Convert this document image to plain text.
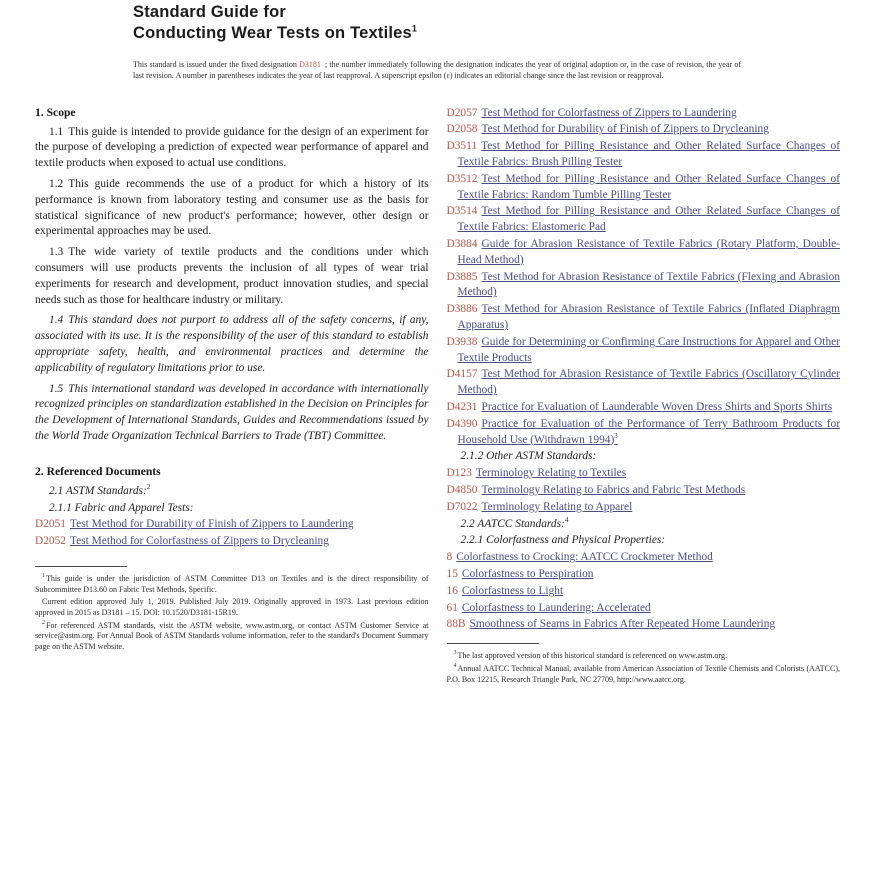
Standard Guide for
Conducting Wear Tests on Textiles$^1$

This standard is issued under the fixed designation D3181 ; the number immediately following the designation indicates the year of original adoption or, in the case of revision, the year of last revision. A number in parentheses indicates the year of last reapproval. A superscript epsilon (ε) indicates an editorial change since the last revision or reapproval.

1. Scope

1.1 This guide is intended to provide guidance for the design of an experiment for the purpose of developing a prediction of expected wear performance of apparel and textile products when exposed to actual use conditions.

1.2 This guide recommends the use of a product for which a history of its performance is known from laboratory testing and consumer use as the basis for statistical significance of new product's performance; however, other design or experimental approaches may be used.

1.3 The wide variety of textile products and the conditions under which consumers will use products prevents the inclusion of all types of wear trial experiments for research and development, product innovation studies, and special needs such as those for healthcare industry or military.

1.4 This standard does not purport to address all of the safety concerns, if any, associated with its use. It is the responsibility of the user of this standard to establish appropriate safety, health, and environmental practices and determine the applicability of regulatory limitations prior to use.

1.5 This international standard was developed in accordance with internationally recognized principles on standardization established in the Decision on Principles for the Development of International Standards, Guides and Recommendations issued by the World Trade Organization Technical Barriers to Trade (TBT) Committee.

2. Referenced Documents

2.1 ASTM Standards:$^2$

2.1.1 Fabric and Apparel Tests:

D2051 Test Method for Durability of Finish of Zippers to Laundering

D2052 Test Method for Colorfastness of Zippers to Drycleaning

$^1$This guide is under the jurisdiction of ASTM Committee D13 on Textiles and is the direct responsibility of Subcommittee D13.60 on Fabric Test Methods, Specific.

Current edition approved July 1, 2019. Published July 2019. Originally approved in 1973. Last previous edition approved in 2015 as D3181 – 15. DOI: 10.1520/D3181-15R19.

$^2$For referenced ASTM standards, visit the ASTM website, www.astm.org, or contact ASTM Customer Service at service@astm.org. For Annual Book of ASTM Standards volume information, refer to the standard's Document Summary page on the ASTM website.

D2057 Test Method for Colorfastness of Zippers to Laundering

D2058 Test Method for Durability of Finish of Zippers to Drycleaning

D3511 Test Method for Pilling Resistance and Other Related Surface Changes of Textile Fabrics: Brush Pilling Tester

D3512 Test Method for Pilling Resistance and Other Related Surface Changes of Textile Fabrics: Random Tumble Pilling Tester

D3514 Test Method for Pilling Resistance and Other Related Surface Changes of Textile Fabrics: Elastomeric Pad

D3884 Guide for Abrasion Resistance of Textile Fabrics (Rotary Platform, Double-Head Method)

D3885 Test Method for Abrasion Resistance of Textile Fabrics (Flexing and Abrasion Method)

D3886 Test Method for Abrasion Resistance of Textile Fabrics (Inflated Diaphragm Apparatus)

D3938 Guide for Determining or Confirming Care Instructions for Apparel and Other Textile Products

D4157 Test Method for Abrasion Resistance of Textile Fabrics (Oscillatory Cylinder Method)

D4231 Practice for Evaluation of Launderable Woven Dress Shirts and Sports Shirts

D4390 Practice for Evaluation of the Performance of Terry Bathroom Products for Household Use (Withdrawn 1994)$^3$

2.1.2 Other ASTM Standards:

D123 Terminology Relating to Textiles

D4850 Terminology Relating to Fabrics and Fabric Test Methods

D7022 Terminology Relating to Apparel

2.2 AATCC Standards:$^4$

2.2.1 Colorfastness and Physical Properties:

8 Colorfastness to Crocking: AATCC Crockmeter Method

15 Colorfastness to Perspiration

16 Colorfastness to Light

61 Colorfastness to Laundering: Accelerated

88B Smoothness of Seams in Fabrics After Repeated Home Laundering

$^3$The last approved version of this historical standard is referenced on www.astm.org.

$^4$Annual AATCC Technical Manual, available from American Association of Textile Chemists and Colorists (AATCC), P.O. Box 12215, Research Triangle Park, NC 27709, http://www.aatcc.org.
